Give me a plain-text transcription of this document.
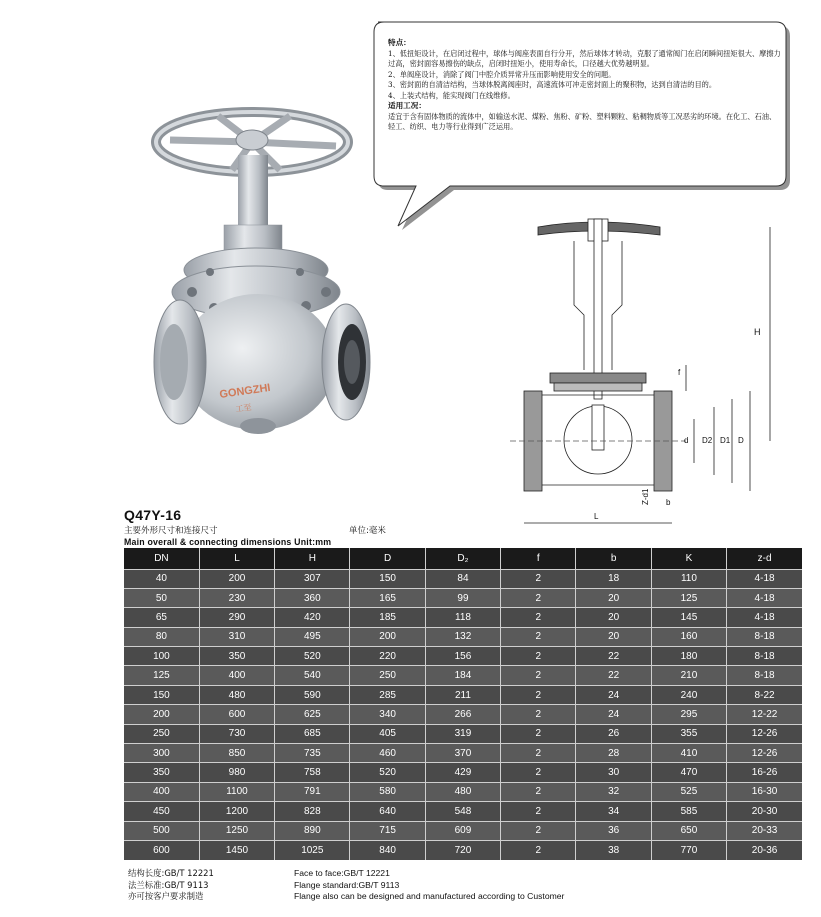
GONGZHI
工至

特点：

1、低扭矩设计，在启闭过程中，球体与阀座表面自行分开，然后球体才转动，克服了通常阀门在启闭瞬间扭矩很大、摩擦力过高，密封面容易擦伤的缺点，启闭时扭矩小，使用寿命长，口径越大优势越明显。

2、单阀座设计，消除了阀门中腔介质异常升压而影响使用安全的问题。

3、密封面的自清洁结构，当球体脱离阀座时，高速流体可冲走密封面上的聚积物，达到自清洁的目的。

4、上装式结构，能实现阀门在线维修。

适用工况：

适宜于含有固体物质的流体中，如输送水泥、煤粉、焦粉、矿粉、塑料颗粒、粘稠物质等工况恶劣的环境。在化工、石油、轻工、纺织、电力等行业得到广泛运用。

H
D
D1
D2
d
f
L
b
Z-d1
Q47Y-16
主要外形尺寸和连接尺寸	单位:毫米
Main overall & connecting dimensions Unit:mm
DN	L	H	D	D₂	f	b	K	z-d
40	200	307	150	84	2	18	110	4-18
50	230	360	165	99	2	20	125	4-18
65	290	420	185	118	2	20	145	4-18
80	310	495	200	132	2	20	160	8-18
100	350	520	220	156	2	22	180	8-18
125	400	540	250	184	2	22	210	8-18
150	480	590	285	211	2	24	240	8-22
200	600	625	340	266	2	24	295	12-22
250	730	685	405	319	2	26	355	12-26
300	850	735	460	370	2	28	410	12-26
350	980	758	520	429	2	30	470	16-26
400	1100	791	580	480	2	32	525	16-30
450	1200	828	640	548	2	34	585	20-30
500	1250	890	715	609	2	36	650	20-33
600	1450	1025	840	720	2	38	770	20-36
结构长度:GB/T 12221
法兰标准:GB/T 9113
亦可按客户要求制造
Face to face:GB/T 12221
Flange standard:GB/T 9113
Flange also can be designed and manufactured according to Customer
